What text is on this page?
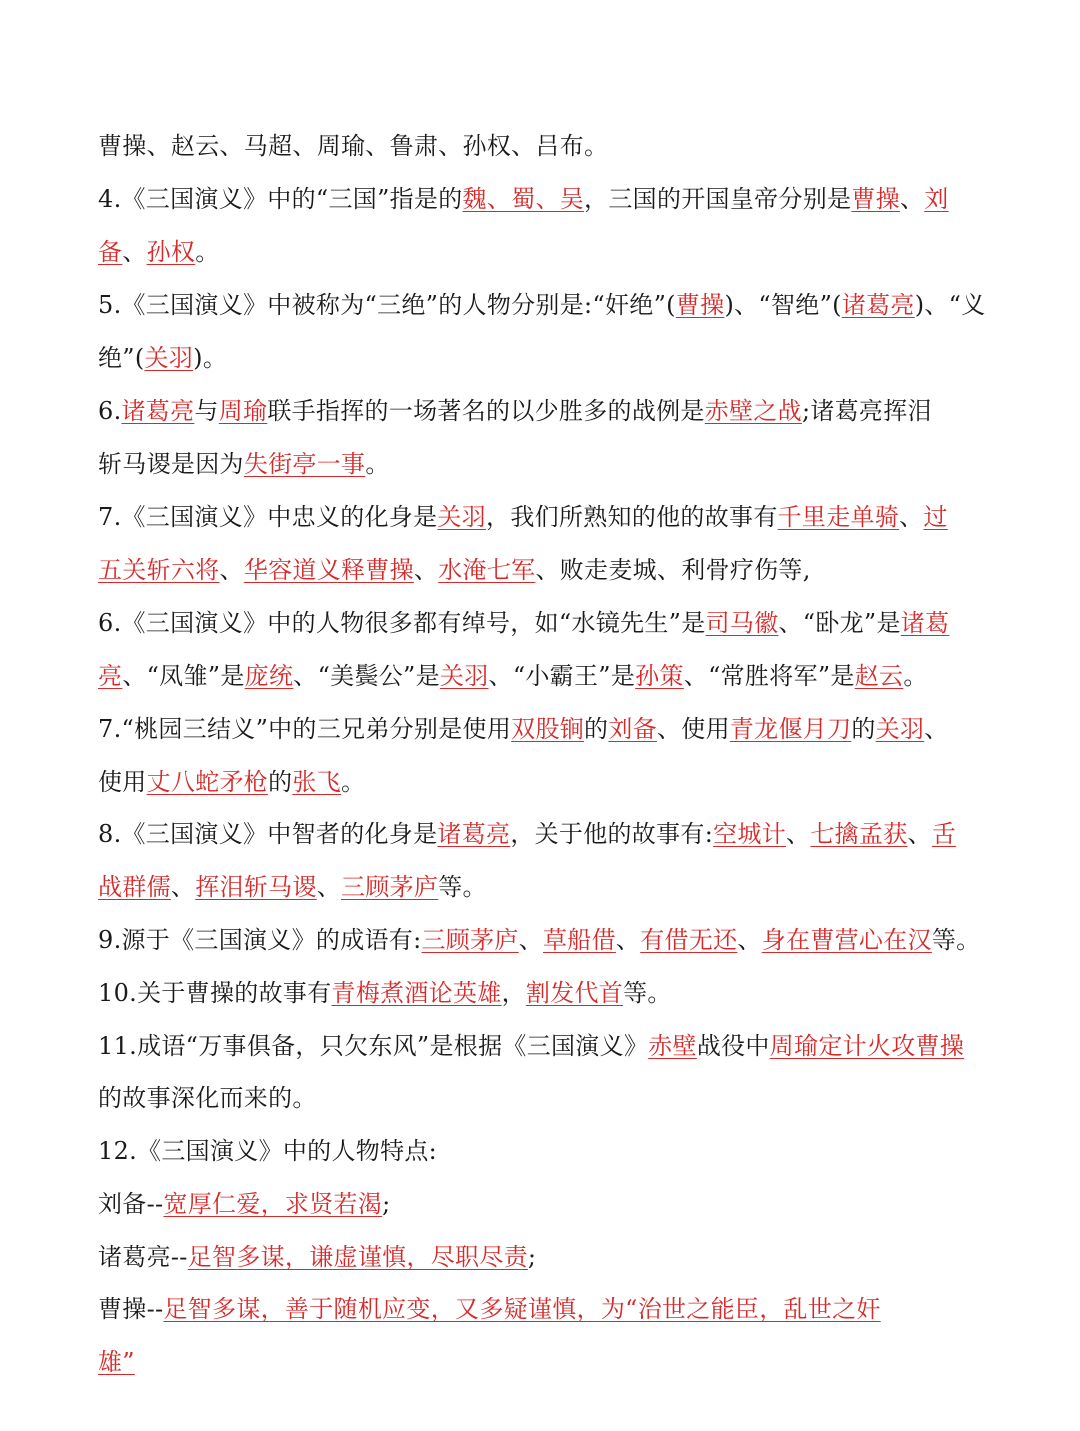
曹操、赵云、马超、周瑜、鲁肃、孙权、吕布。
4.《三国演义》中的“三国”指是的魏、蜀、吴，三国的开国皇帝分别是曹操、刘
备、孙权。
5.《三国演义》中被称为“三绝”的人物分别是:“奸绝”(曹操)、“智绝”(诸葛亮)、“义
绝”(关羽)。
6.诸葛亮与周瑜联手指挥的一场著名的以少胜多的战例是赤壁之战;诸葛亮挥泪
斩马谡是因为失街亭一事。
7.《三国演义》中忠义的化身是关羽，我们所熟知的他的故事有千里走单骑、过
五关斩六将、华容道义释曹操、水淹七军、败走麦城、利骨疗伤等,
6.《三国演义》中的人物很多都有绰号，如“水镜先生”是司马徽、“卧龙”是诸葛
亮、“凤雏”是庞统、“美鬓公”是关羽、“小霸王”是孙策、“常胜将军”是赵云。
7.“桃园三结义”中的三兄弟分别是使用双股锏的刘备、使用青龙偃月刀的关羽、
使用丈八蛇矛枪的张飞。
8.《三国演义》中智者的化身是诸葛亮，关于他的故事有:空城计、七擒孟获、舌
战群儒、挥泪斩马谡、三顾茅庐等。
9.源于《三国演义》的成语有:三顾茅庐、草船借、有借无还、身在曹营心在汉等。
10.关于曹操的故事有青梅煮酒论英雄，割发代首等。
11.成语“万事俱备，只欠东风”是根据《三国演义》赤壁战役中周瑜定计火攻曹操
的故事深化而来的。
12.《三国演义》中的人物特点:
刘备--宽厚仁爱，求贤若渴;
诸葛亮--足智多谋，谦虚谨慎，尽职尽责;
曹操--足智多谋，善于随机应变，又多疑谨慎，为“治世之能臣，乱世之奸
雄”
